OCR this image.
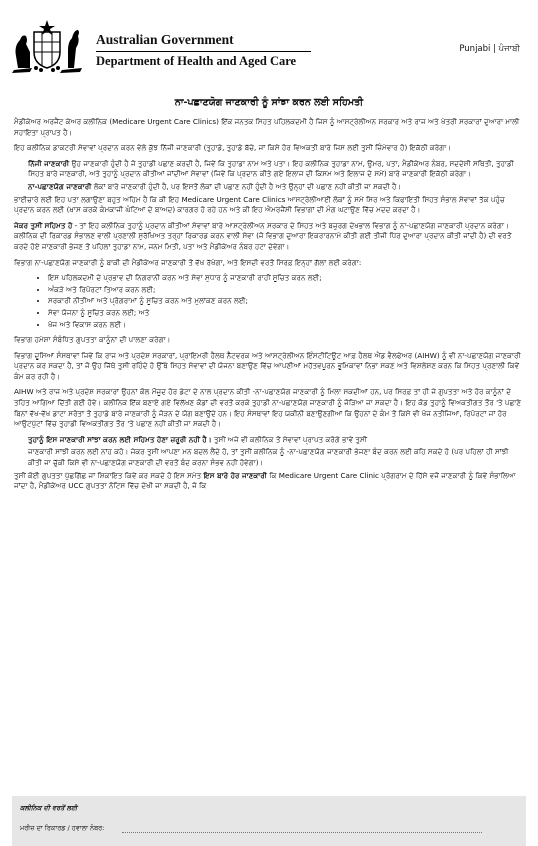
Australian Government
Department of Health and Aged Care
Punjabi | ਪੰਜਾਬੀ
ਨਾ-ਪਛਾਣਯੋਗ ਜਾਣਕਾਰੀ ਨੂੰ ਸਾਂਝਾ ਕਰਨ ਲਈ ਸਹਿਮਤੀ

ਮੈਡੀਕੇਅਰ ਅਰਜੈਂਟ ਕੇਅਰ ਕਲੀਨਿਕ (Medicare Urgent Care Clinics) ਇੱਕ ਜਨਤਕ ਸਿਹਤ ਪਹਿਲਕਦਮੀ ਹੈ ਜਿਸ ਨੂੰ ਆਸਟ੍ਰੇਲੀਅਨ ਸਰਕਾਰ ਅਤੇ ਰਾਜ ਅਤੇ ਖੇਤਰੀ ਸਰਕਾਰਾਂ ਦੁਆਰਾ ਮਾਲੀ ਸਹਾਇਤਾ ਪ੍ਰਾਪਤ ਹੈ।

ਇਹ ਕਲੀਨਿਕ ਡਾਕਟਰੀ ਸੇਵਾਵਾਂ ਪ੍ਰਦਾਨ ਕਰਨ ਵੇਲੇ ਕੁੱਝ ਨਿੱਜੀ ਜਾਣਕਾਰੀ (ਤੁਹਾਡੇ, ਤੁਹਾਡੇ ਬੱਚੇ, ਜਾਂ ਕਿਸੇ ਹੋਰ ਵਿਅਕਤੀ ਬਾਰੇ ਜਿਸ ਲਈ ਤੁਸੀਂ ਜ਼ਿੰਮੇਵਾਰ ਹੋ) ਇਕੱਠੀ ਕਰੇਗਾ।

ਨਿੱਜੀ ਜਾਣਕਾਰੀ ਉਹ ਜਾਣਕਾਰੀ ਹੁੰਦੀ ਹੈ ਜੋ ਤੁਹਾਡੀ ਪਛਾਣ ਕਰਦੀ ਹੈ, ਜਿਵੇਂ ਕਿ ਤੁਹਾਡਾ ਨਾਮ ਅਤੇ ਪਤਾ। ਇਹ ਕਲੀਨਿਕ ਤੁਹਾਡਾ ਨਾਮ, ਉਮਰ, ਪਤਾ, ਮੈਡੀਕੇਅਰ ਨੰਬਰ, ਸਦਦੇਸ਼ੀ ਸਥਿਤੀ, ਤੁਹਾਡੀ ਸਿਹਤ ਬਾਰੇ ਜਾਣਕਾਰੀ, ਅਤੇ ਤੁਹਾਨੂੰ ਪ੍ਰਦਾਨ ਕੀਤੀਆਂ ਜਾਂਦੀਆਂ ਸੇਵਾਵਾਂ (ਜਿਵੇਂ ਕਿ ਪ੍ਰਦਾਨ ਕੀਤੇ ਗਏ ਇਲਾਜ ਦੀ ਕਿਸਮ ਅਤੇ ਇਲਾਜ ਦੇ ਸਮੇਂ) ਬਾਰੇ ਜਾਣਕਾਰੀ ਇਕੱਠੀ ਕਰੇਗਾ।

ਨਾ-ਪਛਾਣਯੋਗ ਜਾਣਕਾਰੀ ਲੋਕਾਂ ਬਾਰੇ ਜਾਣਕਾਰੀ ਹੁੰਦੀ ਹੈ, ਪਰ ਇਸਤੋਂ ਲੋਕਾਂ ਦੀ ਪਛਾਣ ਨਹੀਂ ਹੁੰਦੀ ਹੈ ਅਤੇ ਉਨ੍ਹਾਂ ਦੀ ਪਛਾਣ ਨਹੀਂ ਕੀਤੀ ਜਾ ਸਕਦੀ ਹੈ।

ਭਾਈਚਾਰੇ ਲਈ ਇਹ ਪਤਾ ਲਗਾਉਣਾ ਬਹੁਤ ਅਹਿਮ ਹੈ ਕਿ ਕੀ ਇਹ Medicare Urgent Care Clinics ਆਸਟ੍ਰੇਲੀਆਈ ਲੋਕਾਂ ਨੂੰ ਸਮੇਂ ਸਿਰ ਅਤੇ ਕਿਫਾਇਤੀ ਸਿਹਤ ਸੰਭਾਲ ਸੇਵਾਵਾਂ ਤੱਕ ਪਹੁੰਚ ਪ੍ਰਦਾਨ ਕਰਨ ਲਈ (ਖ਼ਾਸ ਕਰਕੇ ਕੰਮਕਾਜੀ ਘੰਟਿਆਂ ਦੇ ਬਾਅਦ) ਕਾਰਗਰ ਹੋ ਰਹੇ ਹਨ ਅਤੇ ਕੀ ਇਹ ਐਮਰਜੈਂਸੀ ਵਿਭਾਗਾਂ ਦੀ ਮੰਗ ਘਟਾਉਣ ਵਿੱਚ ਮਦਦ ਕਰਦਾ ਹੈ।

ਜੇਕਰ ਤੁਸੀਂ ਸਹਿਮਤ ਹੋ - ਤਾਂ ਇਹ ਕਲੀਨਿਕ ਤੁਹਾਨੂੰ ਪ੍ਰਦਾਨ ਕੀਤੀਆਂ ਸੇਵਾਵਾਂ ਬਾਰੇ ਆਸਟ੍ਰੇਲੀਅਨ ਸਰਕਾਰ ਦੇ ਸਿਹਤ ਅਤੇ ਬਜ਼ੁਰਗ ਦੇਖਭਾਲ ਵਿਭਾਗ ਨੂੰ ਨਾ-ਪਛਾਣਯੋਗ ਜਾਣਕਾਰੀ ਪ੍ਰਦਾਨ ਕਰੇਗਾ। ਕਲੀਨਿਕ ਦੀ ਰਿਕਾਰਡ ਸੰਭਾਲਣ ਵਾਲੀ ਪ੍ਰਣਾਲੀ ਸੁਰੱਖਿਅਤ ਤਰ੍ਹਾਂ ਰਿਕਾਰਡ ਕਰਨ ਵਾਲੀ ਸੇਵਾ (ਜੋ ਵਿਭਾਗ ਦੁਆਰਾ ਇਕਰਾਰਨਾਮੇ ਕੀਤੀ ਗਈ ਤੀਜੀ ਧਿਰ ਦੁਆਰਾ ਪ੍ਰਦਾਨ ਕੀਤੀ ਜਾਂਦੀ ਹੈ) ਦੀ ਵਰਤੋਂ ਕਰਦੇ ਹੋਏ ਜਾਣਕਾਰੀ ਭੇਜਣ ਤੋਂ ਪਹਿਲਾਂ ਤੁਹਾਡਾ ਨਾਮ, ਜਨਮ ਮਿਤੀ, ਪਤਾ ਅਤੇ ਮੈਡੀਕੇਅਰ ਨੰਬਰ ਹਟਾ ਦੇਵੇਗਾ।

ਵਿਭਾਗ ਨਾ-ਪਛਾਣਯੋਗ ਜਾਣਕਾਰੀ ਨੂੰ ਬਾਕੀ ਦੀ ਮੈਡੀਕੇਅਰ ਜਾਣਕਾਰੀ ਤੋਂ ਵੱਖ ਰੱਖੇਗਾ, ਅਤੇ ਇਸਦੀ ਵਰਤੋਂ ਸਿਰਫ਼ ਇਨ੍ਹਾਂ ਗੱਲਾਂ ਲਈ ਕਰੇਗਾ:

• ਇਸ ਪਹਿਲਕਦਮੀ ਦੇ ਪ੍ਰਭਾਵ ਦੀ ਨਿਗਰਾਨੀ ਕਰਨ ਅਤੇ ਸੇਵਾ ਸੁਧਾਰ ਨੂੰ ਜਾਣਕਾਰੀ ਰਾਹੀਂ ਸੂਚਿਤ ਕਰਨ ਲਈ;
• ਅੰਕੜੇ ਅਤੇ ਰਿਪੋਰਟਾਂ ਤਿਆਰ ਕਰਨ ਲਈ;
• ਸਰਕਾਰੀ ਨੀਤੀਆਂ ਅਤੇ ਪ੍ਰੋਗਰਾਮਾਂ ਨੂੰ ਸੂਚਿਤ ਕਰਨ ਅਤੇ ਮੁਲਾਂਕਣ ਕਰਨ ਲਈ;
• ਸੇਵਾ ਯੋਜਨਾ ਨੂੰ ਸੂਚਿਤ ਕਰਨ ਲਈ; ਅਤੇ
• ਖੋਜ ਅਤੇ ਵਿਕਾਸ ਕਰਨ ਲਈ।

ਵਿਭਾਗ ਹਮੇਸ਼ਾ ਸੰਬੰਧਿਤ ਗੁਪਤਤਾ ਕਾਨੂੰਨਾਂ ਦੀ ਪਾਲਣਾ ਕਰੇਗਾ।

ਵਿਭਾਗ ਦੂਸਿਆਂ ਸੰਸਥਾਵਾਂ ਜਿਵੇਂ ਕਿ ਰਾਜ ਅਤੇ ਪ੍ਰਦੇਸ਼ ਸਰਕਾਰਾਂ, ਪ੍ਰਾਇਮਰੀ ਹੈਲਥ ਨੈੱਟਵਰਕ ਅਤੇ ਆਸਟ੍ਰੇਲੀਅਨ ਇੰਸਟੀਟਿਊਟ ਆਫ਼ ਹੈਲਥ ਐਂਡ ਵੈਲਫੇਅਰ (AIHW) ਨੂੰ ਵੀ ਨਾ-ਪਛਾਣਯੋਗ ਜਾਣਕਾਰੀ ਪ੍ਰਦਾਨ ਕਰ ਸਕਦਾ ਹੈ, ਤਾਂ ਜੋ ਉਹ ਜਿੱਥੇ ਤੁਸੀਂ ਰਹਿੰਦੇ ਹੋ ਉੱਥੇ ਸਿਹਤ ਸੇਵਾਵਾਂ ਦੀ ਯੋਜਨਾ ਬਣਾਉਣ ਵਿੱਚ ਆਪਣੀਆਂ ਮਹੱਤਵਪੂਰਨ ਭੂਮਿਕਾਵਾਂ ਨਿਭਾ ਸਕਣ ਅਤੇ ਵਿਸ਼ਲੇਸ਼ਣ ਕਰਨ ਕਿ ਸਿਹਤ ਪ੍ਰਣਾਲੀ ਕਿਵੇਂ ਕੰਮ ਕਰ ਰਹੀ ਹੈ।

AIHW ਅਤੇ ਰਾਜ ਅਤੇ ਪ੍ਰਦੇਸ਼ ਸਰਕਾਰਾਂ ਉਹਨਾਂ ਕੋਲ ਮੌਜੂਦ ਹੋਰ ਡੇਟਾ ਦੇ ਨਾਲ ਪ੍ਰਦਾਨ ਕੀਤੀ -ਨਾ-ਪਛਾਣਯੋਗ ਜਾਣਕਾਰੀ ਨੂੰ ਮਿਲਾ ਸਕਦੀਆਂ ਹਨ, ਪਰ ਸਿਰਫ਼ ਤਾਂ ਹੀ ਜੇ ਗੁਪਤਤਾ ਅਤੇ ਹੋਰ ਕਾਨੂੰਨਾਂ ਦੇ ਤਹਿਤ ਆਗਿਆ ਦਿੱਤੀ ਗਈ ਹੋਵੇ। ਕਲੀਨਿਕ ਇੱਕ ਬਣਾਏ ਗਏ ਵਿਲੱਖਣ ਕੋਡਾਂ ਦੀ ਵਰਤੋਂ ਕਰਕੇ ਤੁਹਾਡੀ ਨਾ-ਪਛਾਣਯੋਗ ਜਾਣਕਾਰੀ ਨੂੰ ਜੋੜਿਆ ਜਾ ਸਕਦਾ ਹੈ। ਇਹ ਕੋਡ ਤੁਹਾਨੂੰ ਵਿਅਕਤੀਗਤ ਤੌਰ 'ਤੇ ਪਛਾਣੇ ਬਿਨਾਂ ਵੱਖ-ਵੱਖ ਡਾਟਾ ਸਰੋਤਾਂ ਤੋਂ ਤੁਹਾਡੇ ਬਾਰੇ ਜਾਣਕਾਰੀ ਨੂੰ ਜੋੜਨ ਦੇ ਯੋਗ ਬਣਾਉਂਦੇ ਹਨ। ਇਹ ਸੰਸਥਾਵਾਂ ਇਹ ਯਕੀਨੀ ਬਣਾਉਣਗੀਆਂ ਕਿ ਉਹਨਾਂ ਦੇ ਕੰਮ ਤੋਂ ਕਿਸੇ ਵੀ ਖੋਜ ਨਤੀਜਿਆਂ, ਰਿਪੋਰਟਾਂ ਜਾਂ ਹੋਰ ਆਉਟਪੁੱਟਾਂ ਵਿੱਚ ਤੁਹਾਡੀ ਵਿਅਕਤੀਗਤ ਤੌਰ 'ਤੇ ਪਛਾਣ ਨਹੀਂ ਕੀਤੀ ਜਾ ਸਕਦੀ ਹੈ।

ਤੁਹਾਨੂੰ ਇਸ ਜਾਣਕਾਰੀ ਸਾਂਝਾ ਕਰਨ ਲਈ ਸਹਿਮਤ ਹੋਣਾ ਜ਼ਰੂਰੀ ਨਹੀਂ ਹੈ। ਤੁਸੀਂ ਅਜੇ ਵੀ ਕਲੀਨਿਕ ਤੋਂ ਸੇਵਾਵਾਂ ਪ੍ਰਾਪਤ ਕਰੋਗੇ ਭਾਵੇਂ ਤੁਸੀਂ

ਜਾਣਕਾਰੀ ਸਾਂਝੀ ਕਰਨ ਲਈ ਨਾਂਹ ਕਹੋ। ਜੇਕਰ ਤੁਸੀਂ ਆਪਣਾ ਮਨ ਬਦਲ ਲੈਂਦੇ ਹੋ, ਤਾਂ ਤੁਸੀਂ ਕਲੀਨਿਕ ਨੂੰ -ਨਾ-ਪਛਾਣਯੋਗ ਜਾਣਕਾਰੀ ਭੇਜਣਾ ਬੰਦ ਕਰਨ ਲਈ ਕਹਿ ਸਕਦੇ ਹੋ (ਪਰ ਪਹਿਲਾਂ ਹੀ ਸਾਂਝੀ ਕੀਤੀ ਜਾ ਚੁੱਕੀ ਕਿਸੇ ਵੀ ਨਾ-ਪਛਾਣਯੋਗ ਜਾਣਕਾਰੀ ਦੀ ਵਰਤੋਂ ਬੰਦ ਕਰਨਾ ਸੰਭਵ ਨਹੀਂ ਹੋਵੇਗਾ)।

ਤੁਸੀਂ ਕੋਈ ਗੁਪਤਤਾ ਪੁੱਛਗਿੱਛ ਜਾਂ ਸ਼ਿਕਾਇਤ ਕਿਵੇਂ ਕਰ ਸਕਦੇ ਹੋ ਇਸ ਸਮੇਤ ਇਸ ਬਾਰੇ ਹੋਰ ਜਾਣਕਾਰੀ ਕਿ Medicare Urgent Care Clinic ਪ੍ਰੋਗਰਾਮ ਦੇ ਹਿੱਸੇ ਵਜੋਂ ਜਾਣਕਾਰੀ ਨੂੰ ਕਿਵੇਂ ਸੰਭਾਲਿਆ ਜਾਂਦਾ ਹੈ, ਮੈਡੀਕੇਅਰ UCC ਗੁਪਤਤਾ ਨੋਟਿਸ ਵਿੱਚ ਦੇਖੀ ਜਾ ਸਕਦੀ ਹੈ, ਜੋ ਕਿ

ਕਲੀਨਿਕ ਦੀ ਵਰਤੋਂ ਲਈ
ਮਰੀਜ਼ ਦਾ ਰਿਕਾਰਡ / ਹਵਾਲਾ ਨੰਬਰ:
